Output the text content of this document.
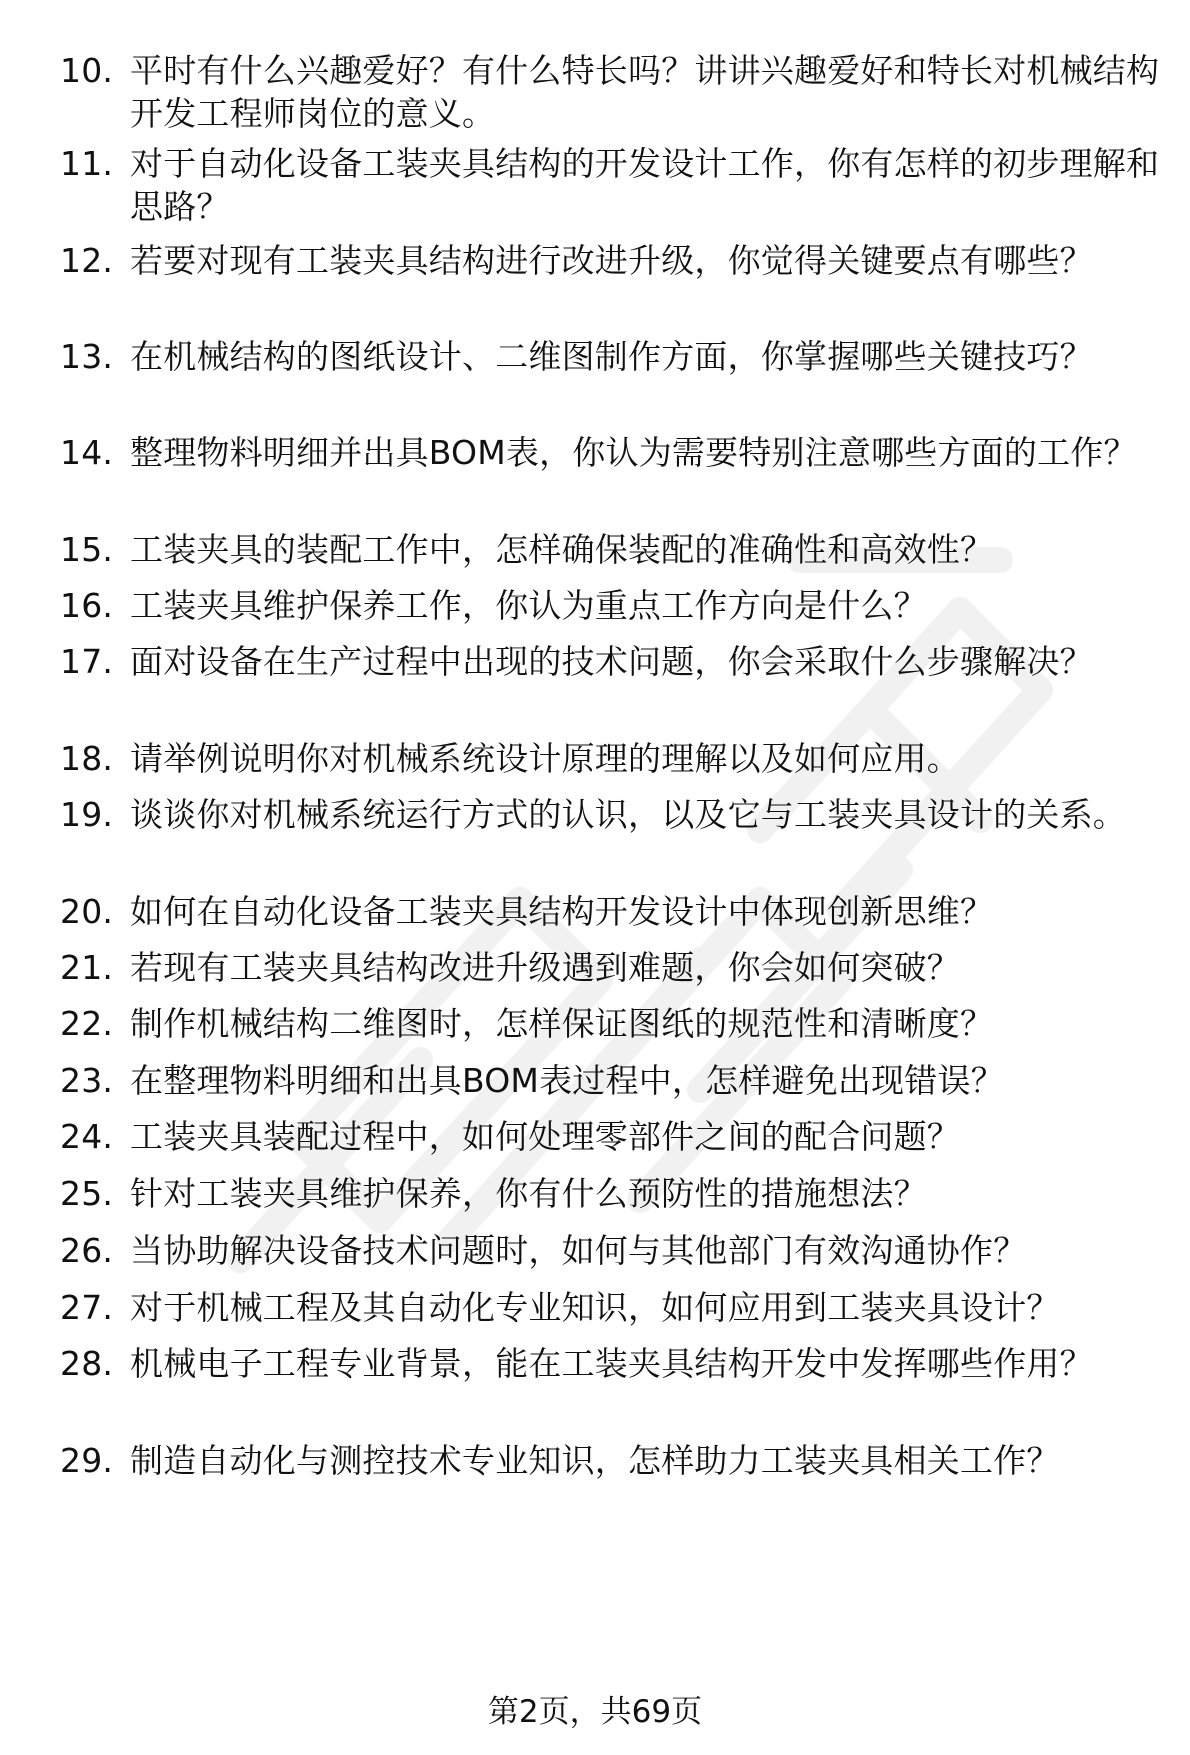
10. 平时有什么兴趣爱好？有什么特长吗？讲讲兴趣爱好和特长对机械结构开发工程师岗位的意义。
11. 对于自动化设备工装夹具结构的开发设计工作，你有怎样的初步理解和思路？
12. 若要对现有工装夹具结构进行改进升级，你觉得关键要点有哪些？
13. 在机械结构的图纸设计、二维图制作方面，你掌握哪些关键技巧？
14. 整理物料明细并出具BOM表，你认为需要特别注意哪些方面的工作？
15. 工装夹具的装配工作中，怎样确保装配的准确性和高效性？
16. 工装夹具维护保养工作，你认为重点工作方向是什么？
17. 面对设备在生产过程中出现的技术问题，你会采取什么步骤解决？
18. 请举例说明你对机械系统设计原理的理解以及如何应用。
19. 谈谈你对机械系统运行方式的认识，以及它与工装夹具设计的关系。
20. 如何在自动化设备工装夹具结构开发设计中体现创新思维？
21. 若现有工装夹具结构改进升级遇到难题，你会如何突破？
22. 制作机械结构二维图时，怎样保证图纸的规范性和清晰度？
23. 在整理物料明细和出具BOM表过程中，怎样避免出现错误？
24. 工装夹具装配过程中，如何处理零部件之间的配合问题？
25. 针对工装夹具维护保养，你有什么预防性的措施想法？
26. 当协助解决设备技术问题时，如何与其他部门有效沟通协作？
27. 对于机械工程及其自动化专业知识，如何应用到工装夹具设计？
28. 机械电子工程专业背景，能在工装夹具结构开发中发挥哪些作用？
29. 制造自动化与测控技术专业知识，怎样助力工装夹具相关工作？
第2页，共69页
